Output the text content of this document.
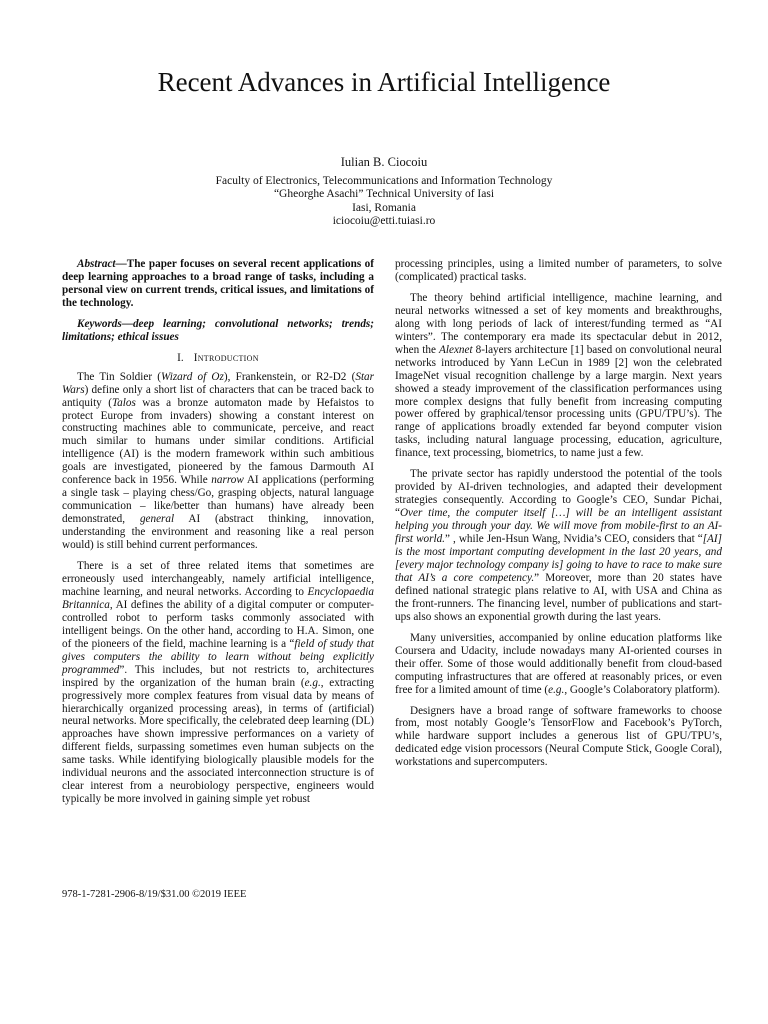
Recent Advances in Artificial Intelligence
Iulian B. Ciocoiu
Faculty of Electronics, Telecommunications and Information Technology
“Gheorghe Asachi” Technical University of Iasi
Iasi, Romania
iciocoiu@etti.tuiasi.ro

Abstract—The paper focuses on several recent applications of deep learning approaches to a broad range of tasks, including a personal view on current trends, critical issues, and limitations of the technology.

Keywords—deep learning; convolutional networks; trends; limitations; ethical issues

I. Introduction

The Tin Soldier (Wizard of Oz), Frankenstein, or R2-D2 (Star Wars) define only a short list of characters that can be traced back to antiquity (Talos was a bronze automaton made by Hefaistos to protect Europe from invaders) showing a constant interest on constructing machines able to communicate, perceive, and react much similar to humans under similar conditions. Artificial intelligence (AI) is the modern framework within such ambitious goals are investigated, pioneered by the famous Darmouth AI conference back in 1956. While narrow AI applications (performing a single task – playing chess/Go, grasping objects, natural language communication – like/better than humans) have already been demonstrated, general AI (abstract thinking, innovation, understanding the environment and reasoning like a real person would) is still behind current performances.

There is a set of three related items that sometimes are erroneously used interchangeably, namely artificial intelligence, machine learning, and neural networks. According to Encyclopaedia Britannica, AI defines the ability of a digital computer or computer-controlled robot to perform tasks commonly associated with intelligent beings. On the other hand, according to H.A. Simon, one of the pioneers of the field, machine learning is a “field of study that gives computers the ability to learn without being explicitly programmed”. This includes, but not restricts to, architectures inspired by the organization of the human brain (e.g., extracting progressively more complex features from visual data by means of hierarchically organized processing areas), in terms of (artificial) neural networks. More specifically, the celebrated deep learning (DL) approaches have shown impressive performances on a variety of different fields, surpassing sometimes even human subjects on the same tasks. While identifying biologically plausible models for the individual neurons and the associated interconnection structure is of clear interest from a neurobiology perspective, engineers would typically be more involved in gaining simple yet robust

processing principles, using a limited number of parameters, to solve (complicated) practical tasks.

The theory behind artificial intelligence, machine learning, and neural networks witnessed a set of key moments and breakthroughs, along with long periods of lack of interest/funding termed as “AI winters”. The contemporary era made its spectacular debut in 2012, when the Alexnet 8-layers architecture [1] based on convolutional neural networks introduced by Yann LeCun in 1989 [2] won the celebrated ImageNet visual recognition challenge by a large margin. Next years showed a steady improvement of the classification performances using more complex designs that fully benefit from increasing computing power offered by graphical/tensor processing units (GPU/TPU’s). The range of applications broadly extended far beyond computer vision tasks, including natural language processing, education, agriculture, finance, text processing, biometrics, to name just a few.

The private sector has rapidly understood the potential of the tools provided by AI-driven technologies, and adapted their development strategies consequently. According to Google’s CEO, Sundar Pichai, “Over time, the computer itself […] will be an intelligent assistant helping you through your day. We will move from mobile-first to an AI-first world.” , while Jen-Hsun Wang, Nvidia’s CEO, considers that “[AI] is the most important computing development in the last 20 years, and [every major technology company is] going to have to race to make sure that AI’s a core competency.” Moreover, more than 20 states have defined national strategic plans relative to AI, with USA and China as the front-runners. The financing level, number of publications and start-ups also shows an exponential growth during the last years.

Many universities, accompanied by online education platforms like Coursera and Udacity, include nowadays many AI-oriented courses in their offer. Some of those would additionally benefit from cloud-based computing infrastructures that are offered at reasonably prices, or even free for a limited amount of time (e.g., Google’s Colaboratory platform).

Designers have a broad range of software frameworks to choose from, most notably Google’s TensorFlow and Facebook’s PyTorch, while hardware support includes a generous list of GPU/TPU’s, dedicated edge vision processors (Neural Compute Stick, Google Coral), workstations and supercomputers.

978-1-7281-2906-8/19/$31.00 ©2019 IEEE
